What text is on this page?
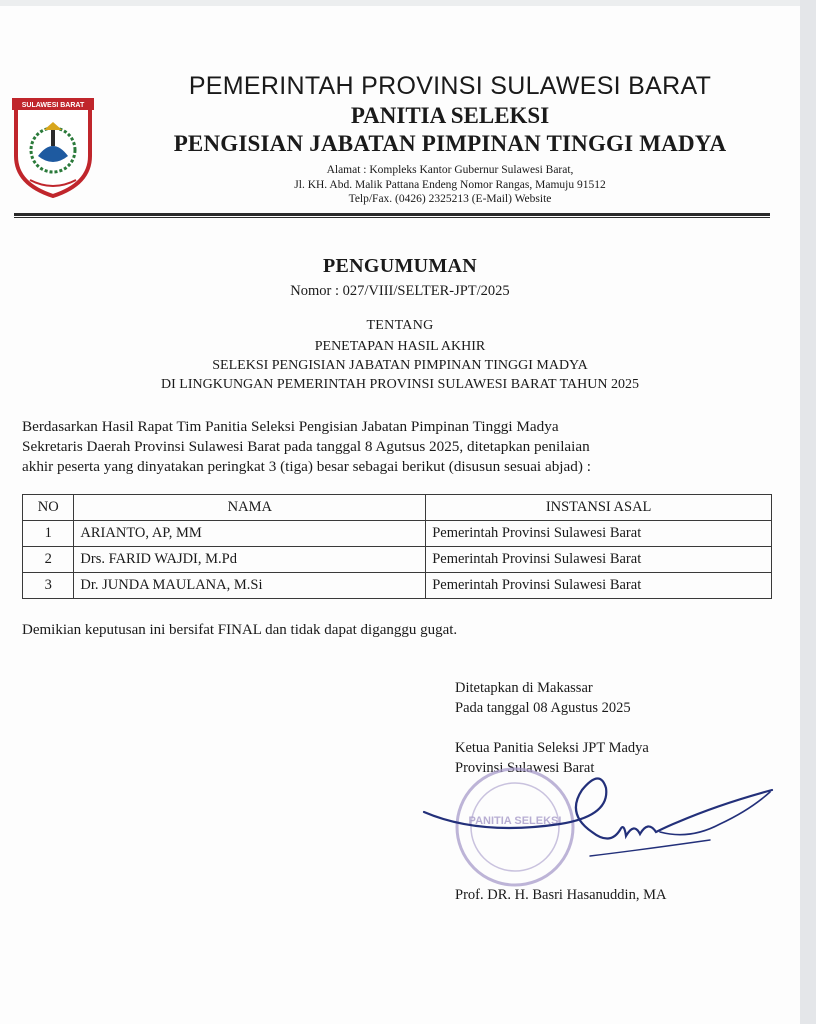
SULAWESI BARAT
PEMERINTAH PROVINSI SULAWESI BARAT
PANITIA SELEKSI
PENGISIAN JABATAN PIMPINAN TINGGI MADYA
Alamat : Kompleks Kantor Gubernur Sulawesi Barat,
Jl. KH. Abd. Malik Pattana Endeng Nomor Rangas, Mamuju 91512
Telp/Fax. (0426) 2325213 (E-Mail) Website
PENGUMUMAN
Nomor : 027/VIII/SELTER-JPT/2025
TENTANG
PENETAPAN HASIL AKHIR
SELEKSI PENGISIAN JABATAN PIMPINAN TINGGI MADYA
DI LINGKUNGAN PEMERINTAH PROVINSI SULAWESI BARAT TAHUN 2025
Berdasarkan Hasil Rapat Tim Panitia Seleksi Pengisian Jabatan Pimpinan Tinggi Madya
Sekretaris Daerah Provinsi Sulawesi Barat pada tanggal 8 Agutsus 2025, ditetapkan penilaian
akhir peserta yang dinyatakan peringkat 3 (tiga) besar sebagai berikut (disusun sesuai abjad) :
NO	NAMA	INSTANSI ASAL
1	ARIANTO, AP, MM	Pemerintah Provinsi Sulawesi Barat
2	Drs. FARID WAJDI, M.Pd	Pemerintah Provinsi Sulawesi Barat
3	Dr. JUNDA MAULANA, M.Si	Pemerintah Provinsi Sulawesi Barat
Demikian keputusan ini bersifat FINAL dan tidak dapat diganggu gugat.
Ditetapkan di Makassar
Pada tanggal 08 Agustus 2025
Ketua Panitia Seleksi JPT Madya
Provinsi Sulawesi Barat
PANITIA SELEKSI
Prof. DR. H. Basri Hasanuddin, MA
